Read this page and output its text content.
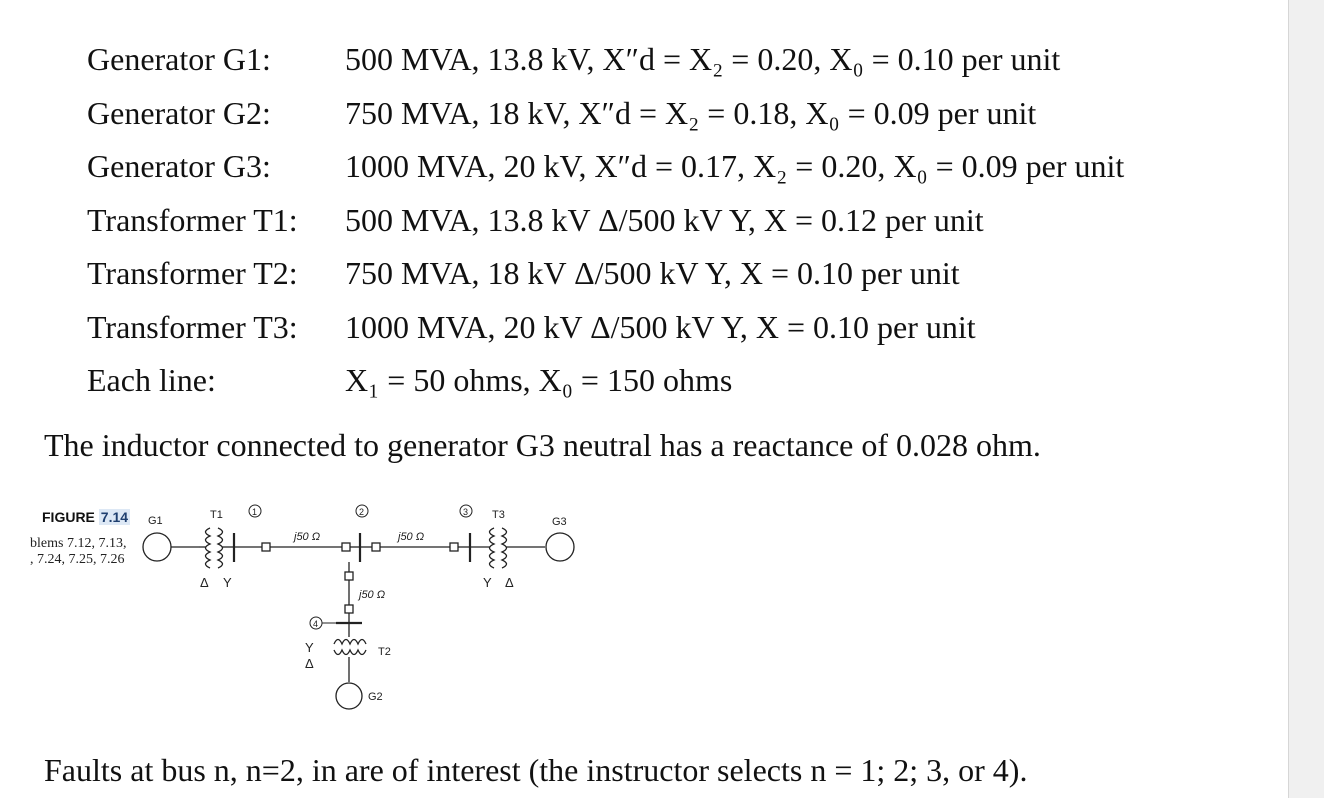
Generator G1: 500 MVA, 13.8 kV, X″d = X₂ = 0.20, X₀ = 0.10 per unit
Generator G2: 750 MVA, 18 kV, X″d = X₂ = 0.18, X₀ = 0.09 per unit
Generator G3: 1000 MVA, 20 kV, X″d = 0.17, X₂ = 0.20, X₀ = 0.09 per unit
Transformer T1: 500 MVA, 13.8 kV Δ/500 kV Y, X = 0.12 per unit
Transformer T2: 750 MVA, 18 kV Δ/500 kV Y, X = 0.10 per unit
Transformer T3: 1000 MVA, 20 kV Δ/500 kV Y, X = 0.10 per unit
Each line:	X₁ = 50 ohms, X₀ = 150 ohms
The inductor connected to generator G3 neutral has a reactance of 0.028 ohm.
FIGURE 7.14
blems 7.12, 7.13,
, 7.24, 7.25, 7.26
G1	T1	1	2	3
4
T3
G3
j50 Ω	j50 Ω
j50 Ω
T2
G2
Δ Y	Y Δ
Y
Δ
Faults at bus n, n=2, in are of interest (the instructor selects n = 1; 2; 3, or 4).
